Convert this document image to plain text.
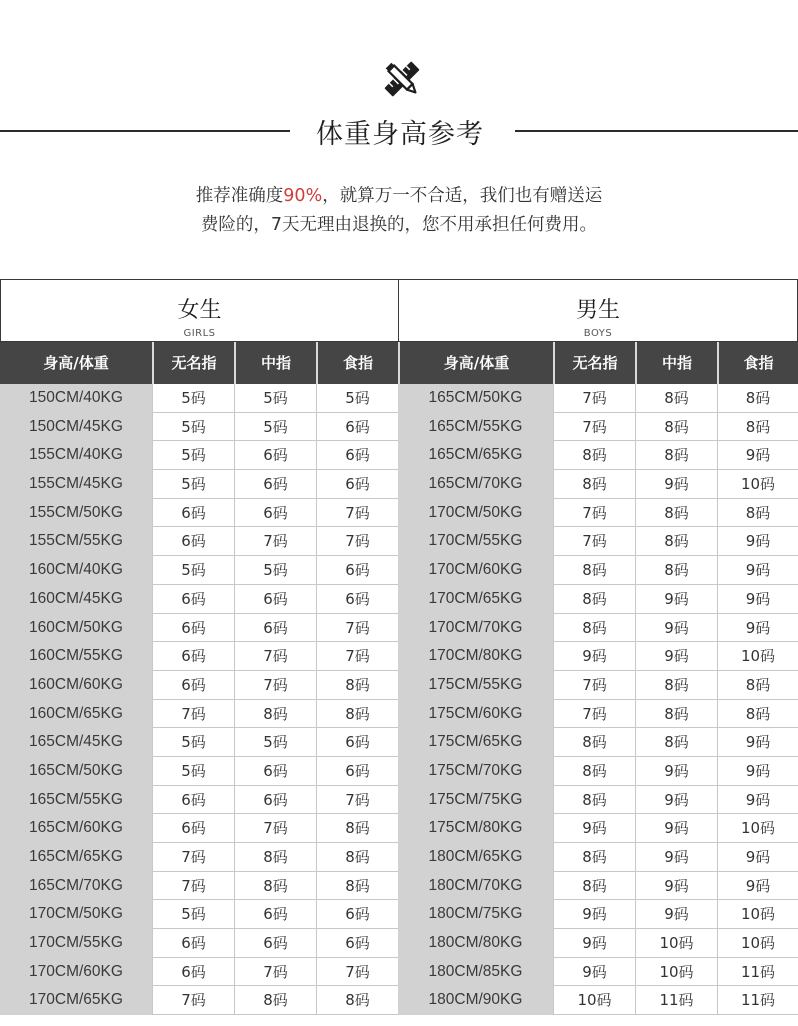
体重身高参考
推荐准确度90%，就算万一不合适，我们也有赠送运
费险的，7天无理由退换的，您不用承担任何费用。
女生
GIRLS
男生
BOYS
身高/体重	无名指	中指	食指	身高/体重	无名指	中指	食指
150CM/40KG	5码	5码	5码	165CM/50KG	7码	8码	8码
150CM/45KG	5码	5码	6码	165CM/55KG	7码	8码	8码
155CM/40KG	5码	6码	6码	165CM/65KG	8码	8码	9码
155CM/45KG	5码	6码	6码	165CM/70KG	8码	9码	10码
155CM/50KG	6码	6码	7码	170CM/50KG	7码	8码	8码
155CM/55KG	6码	7码	7码	170CM/55KG	7码	8码	9码
160CM/40KG	5码	5码	6码	170CM/60KG	8码	8码	9码
160CM/45KG	6码	6码	6码	170CM/65KG	8码	9码	9码
160CM/50KG	6码	6码	7码	170CM/70KG	8码	9码	9码
160CM/55KG	6码	7码	7码	170CM/80KG	9码	9码	10码
160CM/60KG	6码	7码	8码	175CM/55KG	7码	8码	8码
160CM/65KG	7码	8码	8码	175CM/60KG	7码	8码	8码
165CM/45KG	5码	5码	6码	175CM/65KG	8码	8码	9码
165CM/50KG	5码	6码	6码	175CM/70KG	8码	9码	9码
165CM/55KG	6码	6码	7码	175CM/75KG	8码	9码	9码
165CM/60KG	6码	7码	8码	175CM/80KG	9码	9码	10码
165CM/65KG	7码	8码	8码	180CM/65KG	8码	9码	9码
165CM/70KG	7码	8码	8码	180CM/70KG	8码	9码	9码
170CM/50KG	5码	6码	6码	180CM/75KG	9码	9码	10码
170CM/55KG	6码	6码	6码	180CM/80KG	9码	10码	10码
170CM/60KG	6码	7码	7码	180CM/85KG	9码	10码	11码
170CM/65KG	7码	8码	8码	180CM/90KG	10码	11码	11码
